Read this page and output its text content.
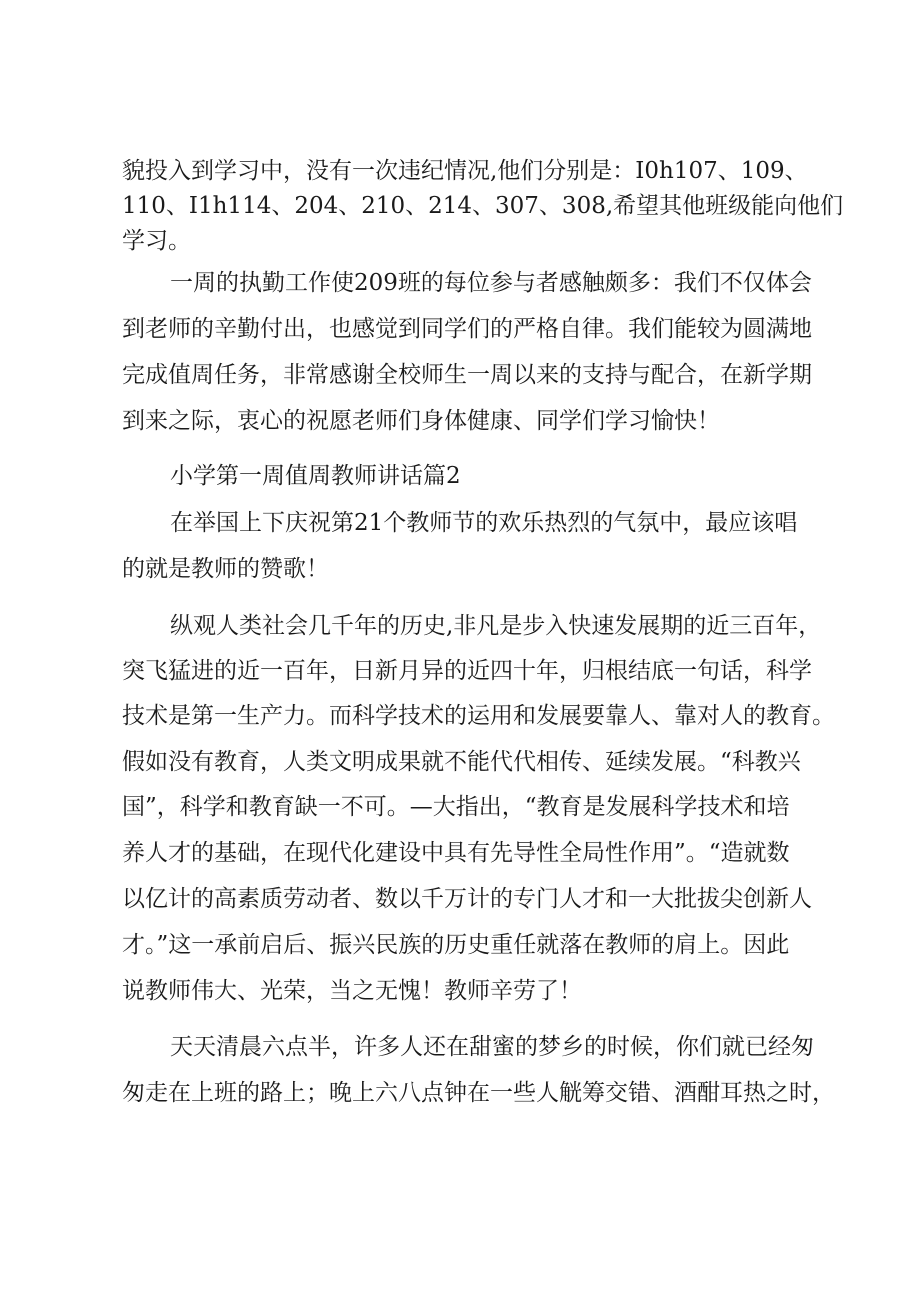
貌投入到学习中，没有一次违纪情况,他们分别是：I0h107、109、
110、I1h114、204、210、214、307、308,希望其他班级能向他们
学习。
一周的执勤工作使209班的每位参与者感触颇多：我们不仅体会
到老师的辛勤付出，也感觉到同学们的严格自律。我们能较为圆满地
完成值周任务，非常感谢全校师生一周以来的支持与配合，在新学期
到来之际，衷心的祝愿老师们身体健康、同学们学习愉快！
小学第一周值周教师讲话篇2
在举国上下庆祝第21个教师节的欢乐热烈的气氛中，最应该唱
的就是教师的赞歌！
纵观人类社会几千年的历史,非凡是步入快速发展期的近三百年，
突飞猛进的近一百年，日新月异的近四十年，归根结底一句话，科学
技术是第一生产力。而科学技术的运用和发展要靠人、靠对人的教育。
假如没有教育，人类文明成果就不能代代相传、延续发展。“科教兴
国”，科学和教育缺一不可。—大指出，“教育是发展科学技术和培
养人才的基础，在现代化建设中具有先导性全局性作用”。“造就数
以亿计的高素质劳动者、数以千万计的专门人才和一大批拔尖创新人
才。”这一承前启后、振兴民族的历史重任就落在教师的肩上。因此
说教师伟大、光荣，当之无愧！教师辛劳了！
天天清晨六点半，许多人还在甜蜜的梦乡的时候，你们就已经匆
匆走在上班的路上；晚上六八点钟在一些人觥筹交错、酒酣耳热之时，
